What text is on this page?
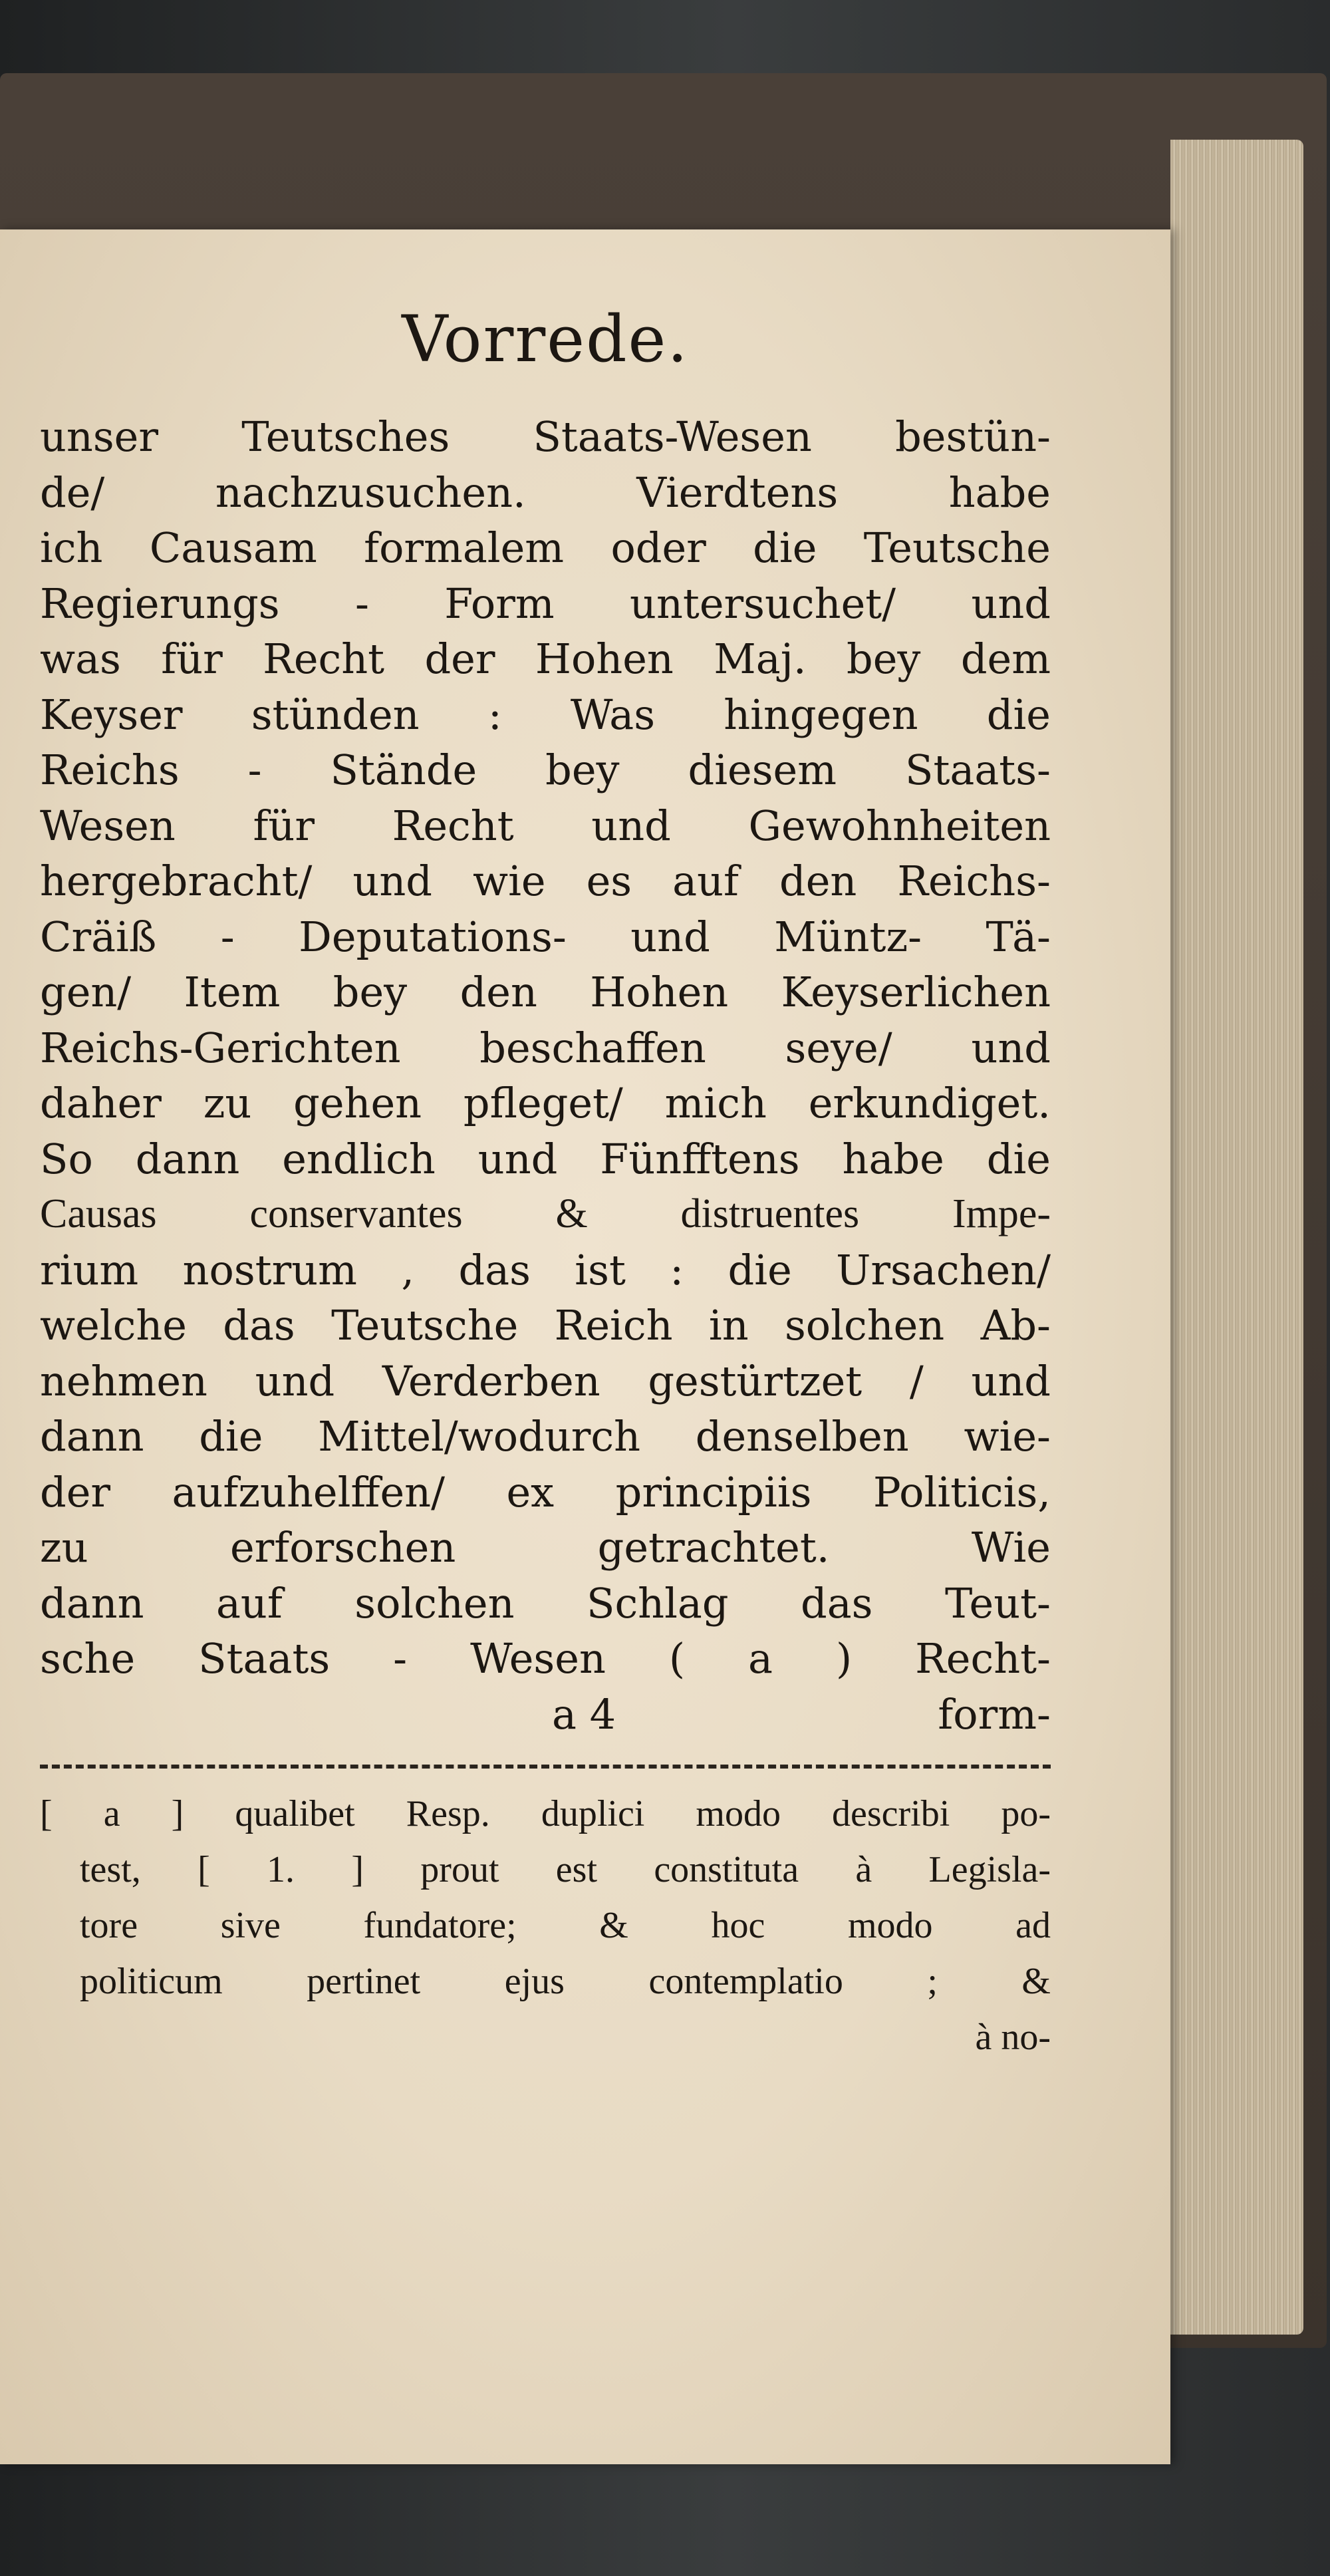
Vorrede.
unser Teutsches Staats-Wesen bestün-
de/ nachzusuchen. Vierdtens habe
ich Causam formalem oder die Teutsche
Regierungs - Form untersuchet/ und
was für Recht der Hohen Maj. bey dem
Keyser stünden : Was hingegen die
Reichs - Stände bey diesem Staats-
Wesen für Recht und Gewohnheiten
hergebracht/ und wie es auf den Reichs-
Cräiß - Deputations- und Müntz- Tä-
gen/ Item bey den Hohen Keyserlichen
Reichs-Gerichten beschaffen seye/ und
daher zu gehen pfleget/ mich erkundiget.
So dann endlich und Fünfftens habe die
Causas conservantes & distruentes Impe-
rium nostrum , das ist : die Ursachen/
welche das Teutsche Reich in solchen Ab-
nehmen und Verderben gestürtzet / und
dann die Mittel/wodurch denselben wie-
der aufzuhelffen/ ex principiis Politicis,
zu erforschen getrachtet. Wie
dann auf solchen Schlag das Teut-
sche Staats - Wesen ( a ) Recht-
a 4	form-
[ a ] qualibet Resp. duplici modo describi po-
test, [ 1. ] prout est constituta à Legisla-
tore sive fundatore; & hoc modo ad
politicum pertinet ejus contemplatio ; &
à no-
